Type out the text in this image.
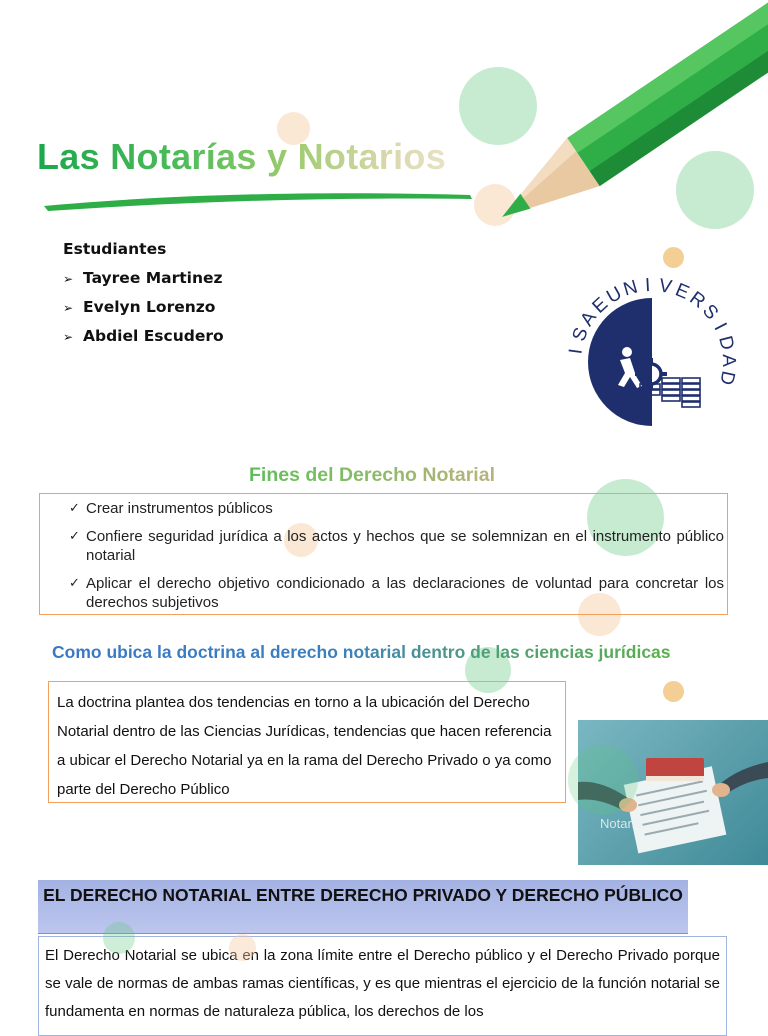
Las Notarías y Notarios
Estudiantes
➢ Tayree Martinez
➢ Evelyn Lorenzo
➢ Abdiel Escudero
I
S
A
E
U
N I V
E
R
S
I
D
A
D
Fines del Derecho Notarial
✓ Crear instrumentos públicos
✓ Confiere seguridad jurídica a los actos y hechos que se solemnizan en el instrumento público notarial
✓ Aplicar el derecho objetivo condicionado a las declaraciones de voluntad para concretar los derechos subjetivos
Como ubica la doctrina al derecho notarial dentro de las ciencias jurídicas
La doctrina plantea dos tendencias en torno a la ubicación del Derecho Notarial dentro de las Ciencias Jurídicas, tendencias que hacen referencia a ubicar el Derecho Notarial ya en la rama del Derecho Privado o ya como parte del Derecho Público
Notaria
EL DERECHO NOTARIAL ENTRE DERECHO PRIVADO Y DERECHO PÚBLICO
El Derecho Notarial se ubica en la zona límite entre el Derecho público y el Derecho Privado porque se vale de normas de ambas ramas científicas, y es que mientras el ejercicio de la función notarial se fundamenta en normas de naturaleza pública, los derechos de los
